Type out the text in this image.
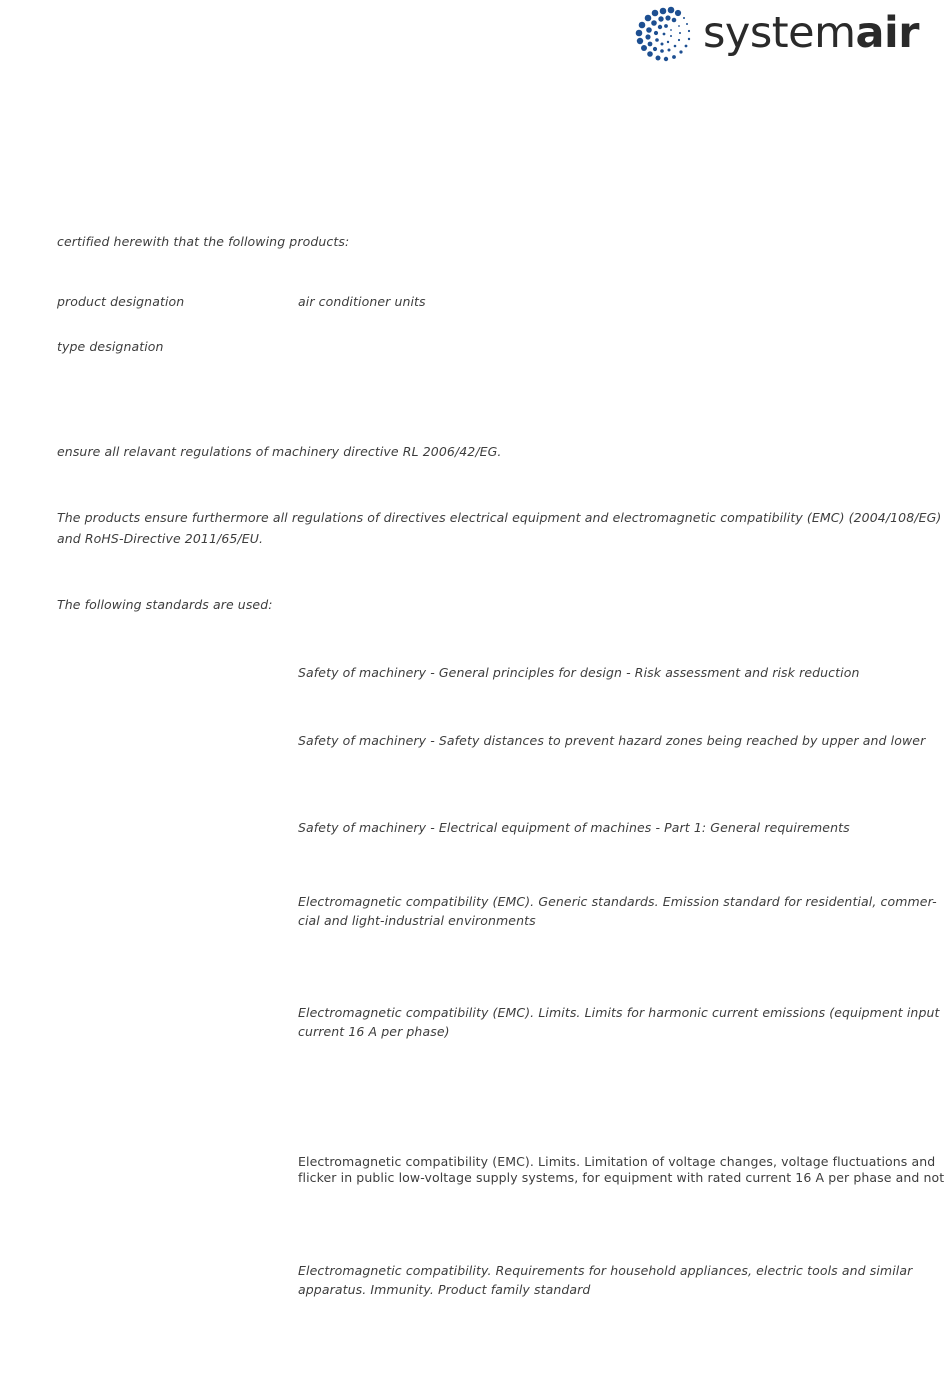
systemair
certified herewith that the following products:
product designation	air conditioner units
type designation
ensure all relavant regulations of machinery directive RL 2006/42/EG.
The products ensure furthermore all regulations of directives electrical equipment and electromagnetic compatibility (EMC) (2004/108/EG)
and RoHS-Directive 2011/65/EU.
The following standards are used:
Safety of machinery - General principles for design - Risk assessment and risk reduction
Safety of machinery - Safety distances to prevent hazard zones being reached by upper and lower
Safety of machinery - Electrical equipment of machines - Part 1: General requirements
Electromagnetic compatibility (EMC). Generic standards. Emission standard for residential, commer-
cial and light-industrial environments
Electromagnetic compatibility (EMC). Limits. Limits for harmonic current emissions (equipment input
current 16 A per phase)
Electromagnetic compatibility (EMC). Limits. Limitation of voltage changes, voltage fluctuations and
flicker in public low-voltage supply systems, for equipment with rated current 16 A per phase and not
Electromagnetic compatibility. Requirements for household appliances, electric tools and similar
apparatus. Immunity. Product family standard
